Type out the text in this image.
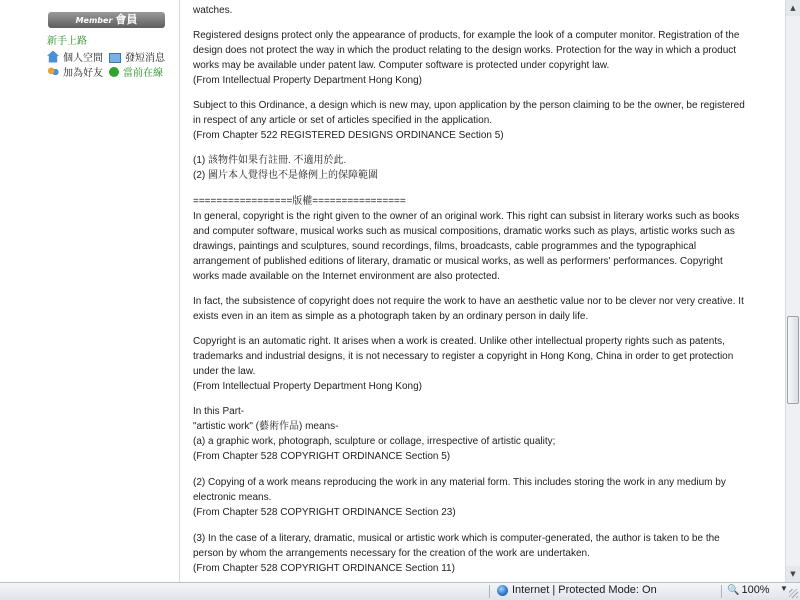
Member 會員
新手上路
個人空間 發短消息
加為好友 當前在線

watches.

Registered designs protect only the appearance of products, for example the look of a computer monitor. Registration of the design does not protect the way in which the product relating to the design works. Protection for the way in which a product works may be available under patent law. Computer software is protected under copyright law.
(From Intellectual Property Department Hong Kong)

Subject to this Ordinance, a design which is new may, upon application by the person claiming to be the owner, be registered in respect of any article or set of articles specified in the application.
(From Chapter 522 REGISTERED DESIGNS ORDINANCE Section 5)

(1) 該物件如果冇註冊. 不適用於此.
(2) 圖片本人覺得也不是條例上的保障範圍

=================版權================
In general, copyright is the right given to the owner of an original work. This right can subsist in literary works such as books and computer software, musical works such as musical compositions, dramatic works such as plays, artistic works such as drawings, paintings and sculptures, sound recordings, films, broadcasts, cable programmes and the typographical arrangement of published editions of literary, dramatic or musical works, as well as performers' performances. Copyright works made available on the Internet environment are also protected.

In fact, the subsistence of copyright does not require the work to have an aesthetic value nor to be clever nor very creative. It exists even in an item as simple as a photograph taken by an ordinary person in daily life.

Copyright is an automatic right. It arises when a work is created. Unlike other intellectual property rights such as patents, trademarks and industrial designs, it is not necessary to register a copyright in Hong Kong, China in order to get protection under the law.
(From Intellectual Property Department Hong Kong)

In this Part-
"artistic work" (藝術作品) means-
(a) a graphic work, photograph, sculpture or collage, irrespective of artistic quality;
(From Chapter 528 COPYRIGHT ORDINANCE Section 5)

(2) Copying of a work means reproducing the work in any material form. This includes storing the work in any medium by electronic means.
(From Chapter 528 COPYRIGHT ORDINANCE Section 23)

(3) In the case of a literary, dramatic, musical or artistic work which is computer-generated, the author is taken to be the person by whom the arrangements necessary for the creation of the work are undertaken.
(From Chapter 528 COPYRIGHT ORDINANCE Section 11)

▲
▼
Internet | Protected Mode: On	🔍 100% ▼
